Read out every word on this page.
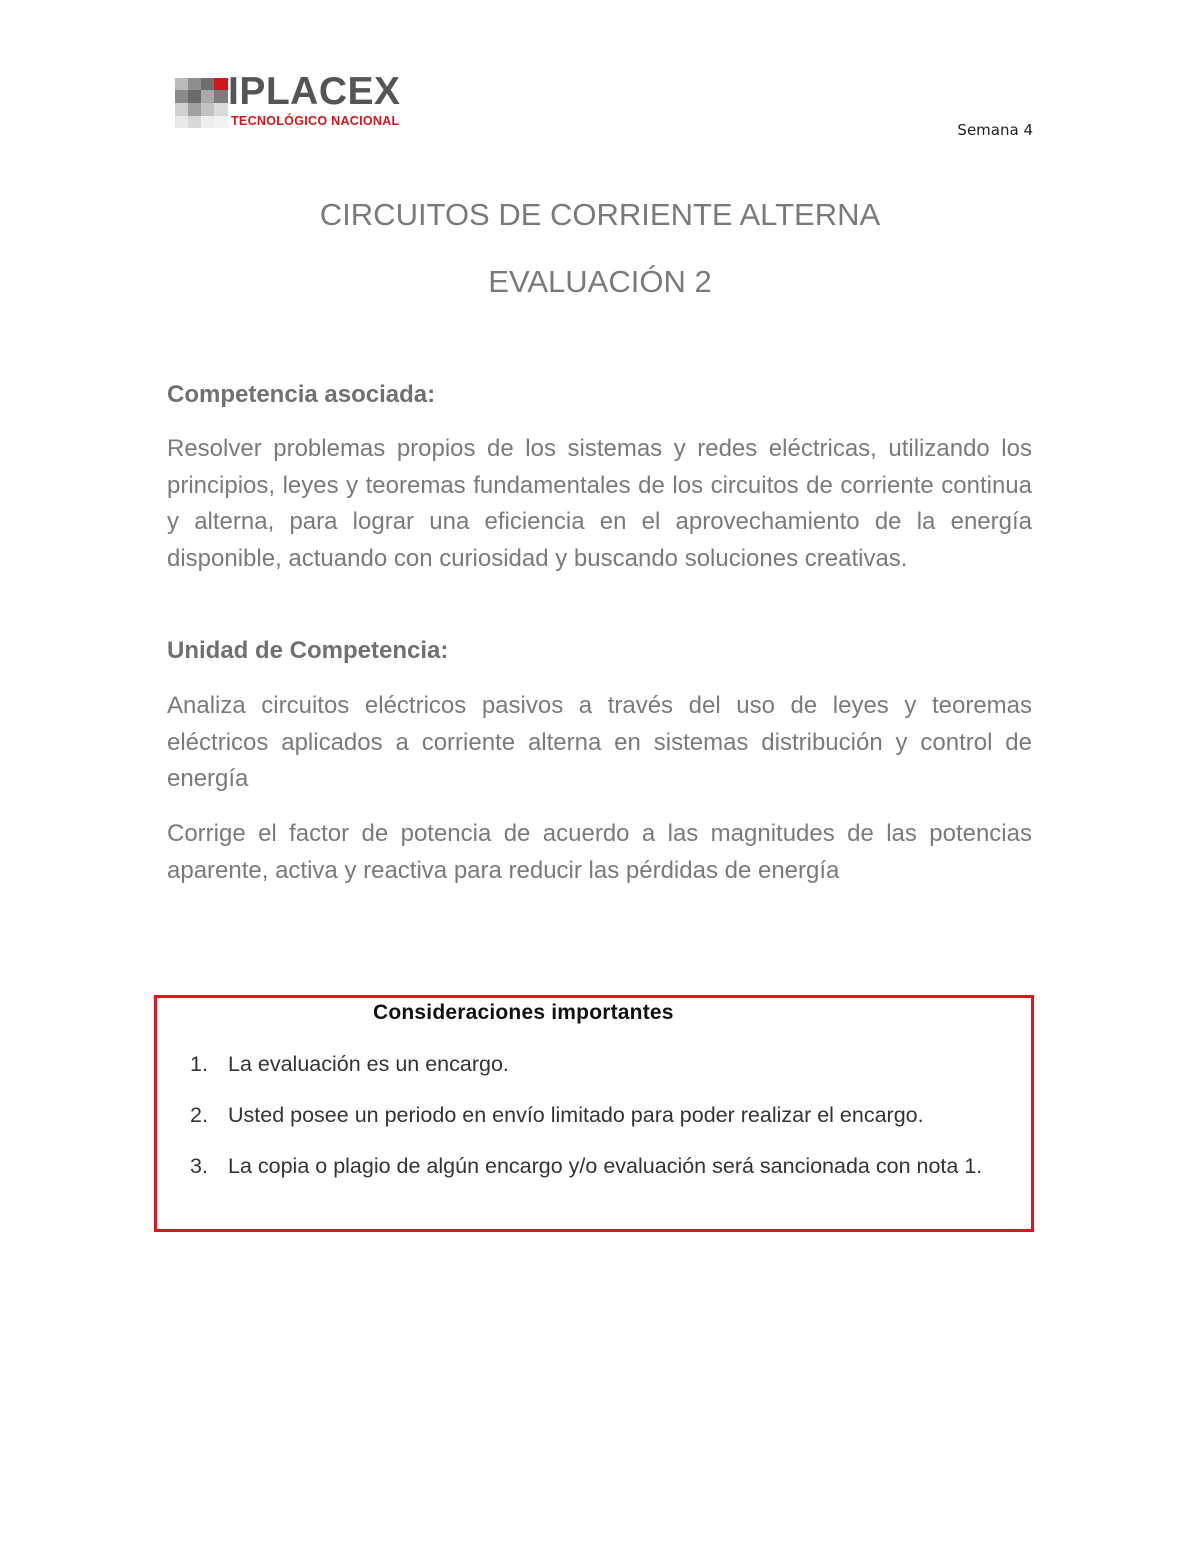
IPLACEX
TECNOLÓGICO NACIONAL	Semana 4
CIRCUITOS DE CORRIENTE ALTERNA
EVALUACIÓN 2

Competencia asociada:

Resolver problemas propios de los sistemas y redes eléctricas, utilizando los principios, leyes y teoremas fundamentales de los circuitos de corriente continua y alterna, para lograr una eficiencia en el aprovechamiento de la energía disponible, actuando con curiosidad y buscando soluciones creativas.

Unidad de Competencia:

Analiza circuitos eléctricos pasivos a través del uso de leyes y teoremas eléctricos aplicados a corriente alterna en sistemas distribución y control de energía

Corrige el factor de potencia de acuerdo a las magnitudes de las potencias aparente, activa y reactiva para reducir las pérdidas de energía

Consideraciones importantes
1. La evaluación es un encargo.
2. Usted posee un periodo en envío limitado para poder realizar el encargo.
3. La copia o plagio de algún encargo y/o evaluación será sancionada con nota 1.
